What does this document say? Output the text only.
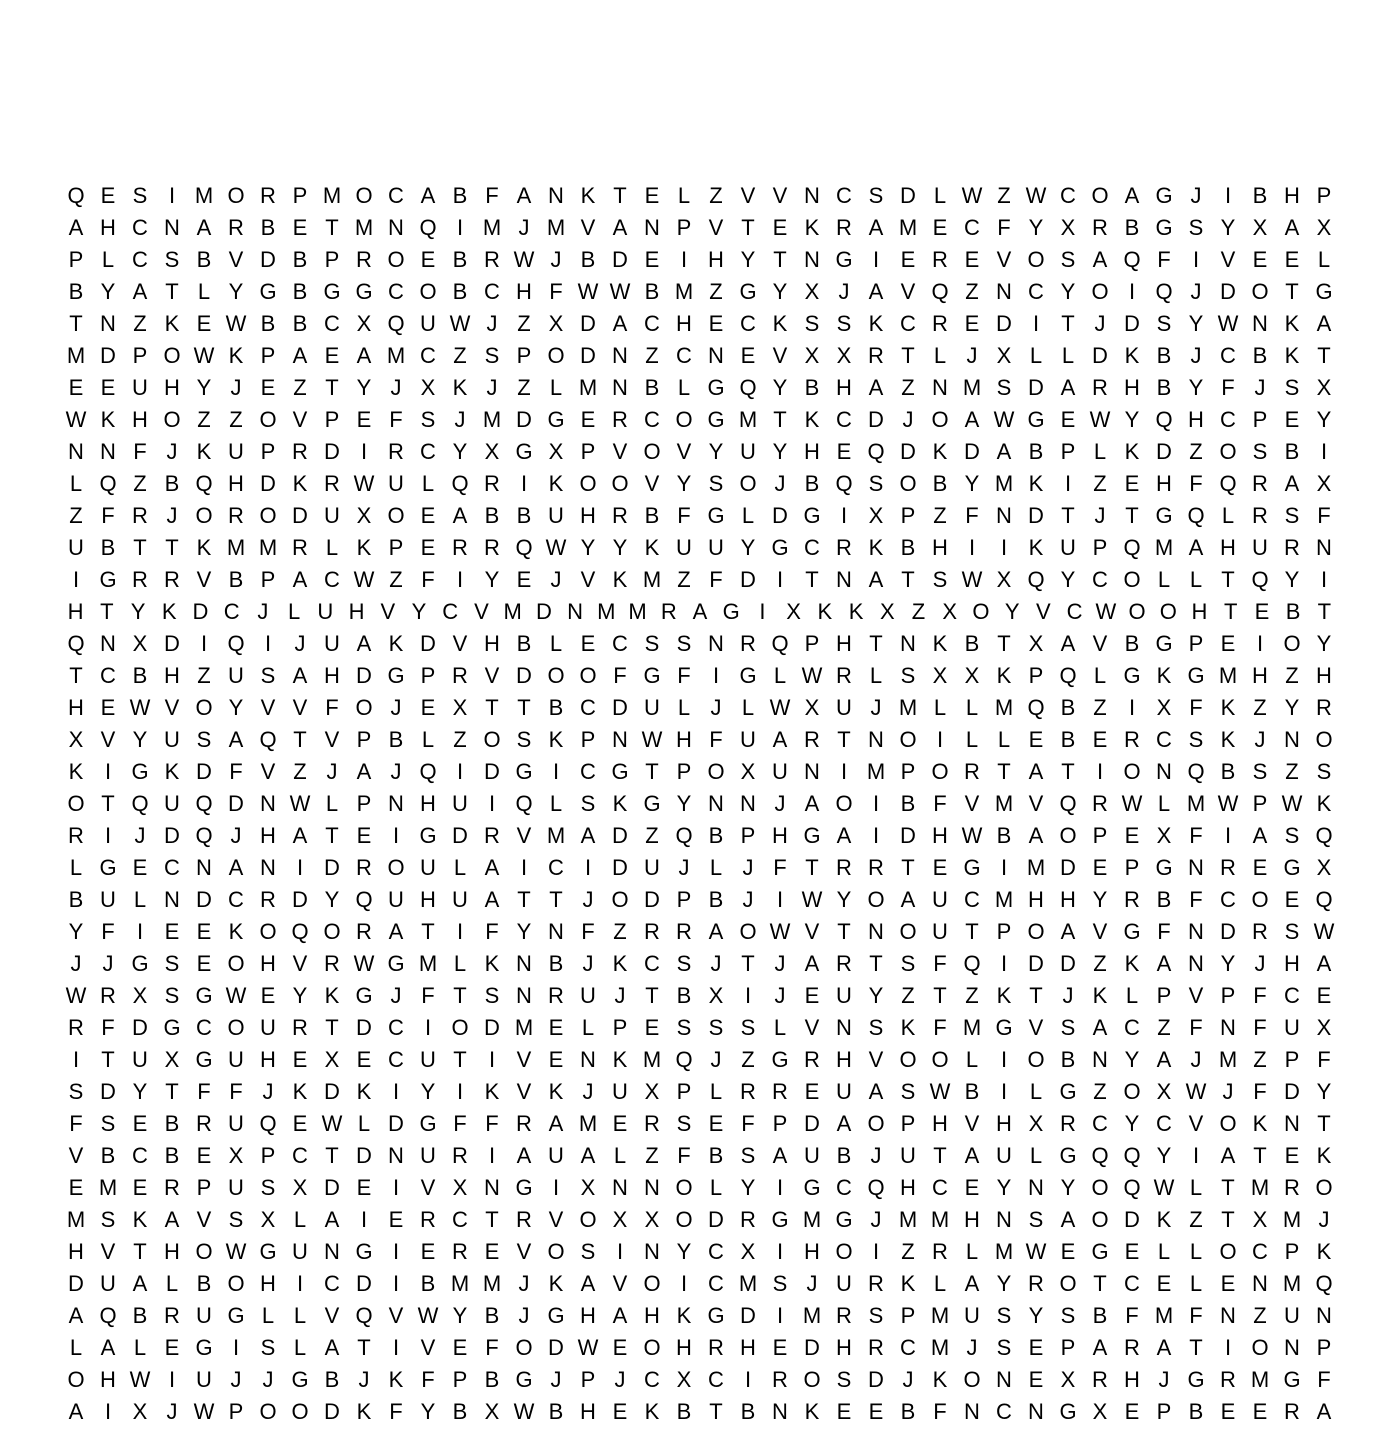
Q E S I M O R P M O C A B F A N K T E L Z V V N C S D L W Z W C O A G J	I B H P
A H C N A R B E T M N Q I M J M V A N P V T E K R A M E C F Y X R B G S Y X A X
P L C S B V D B P R O E B R W J B D E I H Y T N G I E R E V O S A Q F	I V E E L
B Y A T L Y G B G G C O B C H F W W B M Z G Y X J A V Q Z N C Y O I Q J D O T G
T N Z K E W B B C X Q U W J Z X D A C H E C K S S K C R E D I	T J D S Y W N K A
M D P O W K P A E A M C Z S P O D N Z C N E V X X R T L J X L L D K B J C B K T
E E U H Y J E Z T Y J X K J Z L M N B L G Q Y B H A Z N M S D A R H B Y F J S X
W K H O Z Z O V P E F S J M D G E R C O G M T K C D J O A W G E W Y Q H C P E Y
N N F J K U P R D I R C Y X G X P V O V Y U Y H E Q D K D A B P L K D Z O S B I
L Q Z B Q H D K R W U L Q R I K O O V Y S O J B Q S O B Y M K I	Z E H F Q R A X
Z F R J O R O D U X O E A B B U H R B F G L D G I X P Z F N D T J T G Q L R S F
U B T T K M M R L K P E R R Q W Y Y K U U Y G C R K B H I	I K U P Q M A H U R N
I G R R V B P A C W Z F	I Y E J V K M Z F D I	T N A T S W X Q Y C O L L T Q Y I
H T Y K D C J L U H V Y C V M D N M M R A G I X K K X Z X O Y V C W O O H T E B T
Q N X D I Q I	J U A K D V H B L E C S S N R Q P H T N K B T X A V B G P E I O Y
T C B H Z U S A H D G P R V D O O F G F	I G L W R L S X X K P Q L G K G M H Z H
H E W V O Y V V F O J E X T T B C D U L J L W X U J M L L M Q B Z	I X F K Z Y R
X V Y U S A Q T V P B L Z O S K P N W H F U A R T N O I	L L E B E R C S K J N O
K I G K D F V Z J A J Q I D G I C G T P O X U N I M P O R T A T	I O N Q B S Z S
O T Q U Q D N W L P N H U I Q L S K G Y N N J A O I B F V M V Q R W L M W P W K
R I	J D Q J H A T E I G D R V M A D Z Q B P H G A I D H W B A O P E X F	I A S Q
L G E C N A N I D R O U L A I C I D U J L J F T R R T E G I M D E P G N R E G X
B U L N D C R D Y Q U H U A T T J O D P B J	I W Y O A U C M H H Y R B F C O E Q
Y F	I E E K O Q O R A T	I	F Y N F Z R R A O W V T N O U T P O A V G F N D R S W
J J G S E O H V R W G M L K N B J K C S J T J A R T S F Q I D D Z K A N Y J H A
W R X S G W E Y K G J F T S N R U J T B X I	J E U Y Z T Z K T J K L P V P F C E
R F D G C O U R T D C I O D M E L P E S S S L V N S K F M G V S A C Z F N F U X
I	T U X G U H E X E C U T	I V E N K M Q J Z G R H V O O L	I O B N Y A J M Z P F
S D Y T F F J K D K I Y I K V K J U X P L R R E U A S W B I	L G Z O X W J F D Y
F S E B R U Q E W L D G F F R A M E R S E F P D A O P H V H X R C Y C V O K N T
V B C B E X P C T D N U R I A U A L Z F B S A U B J U T A U L G Q Q Y I A T E K
E M E R P U S X D E I V X N G I X N N O L Y I G C Q H C E Y N Y O Q W L T M R O
M S K A V S X L A I E R C T R V O X X O D R G M G J M M H N S A O D K Z T X M J
H V T H O W G U N G I E R E V O S I N Y C X I H O I	Z R L M W E G E L L O C P K
D U A L B O H I C D I B M M J K A V O I C M S J U R K L A Y R O T C E L E N M Q
A Q B R U G L L V Q V W Y B J G H A H K G D I M R S P M U S Y S B F M F N Z U N
L A L E G I S L A T	I V E F O D W E O H R H E D H R C M J S E P A R A T	I O N P
O H W I U J J G B J K F P B G J P J C X C I R O S D J K O N E X R H J G R M G F
A I X J W P O O D K F Y B X W B H E K B T B N K E E B F N C N G X E P B E E R A
